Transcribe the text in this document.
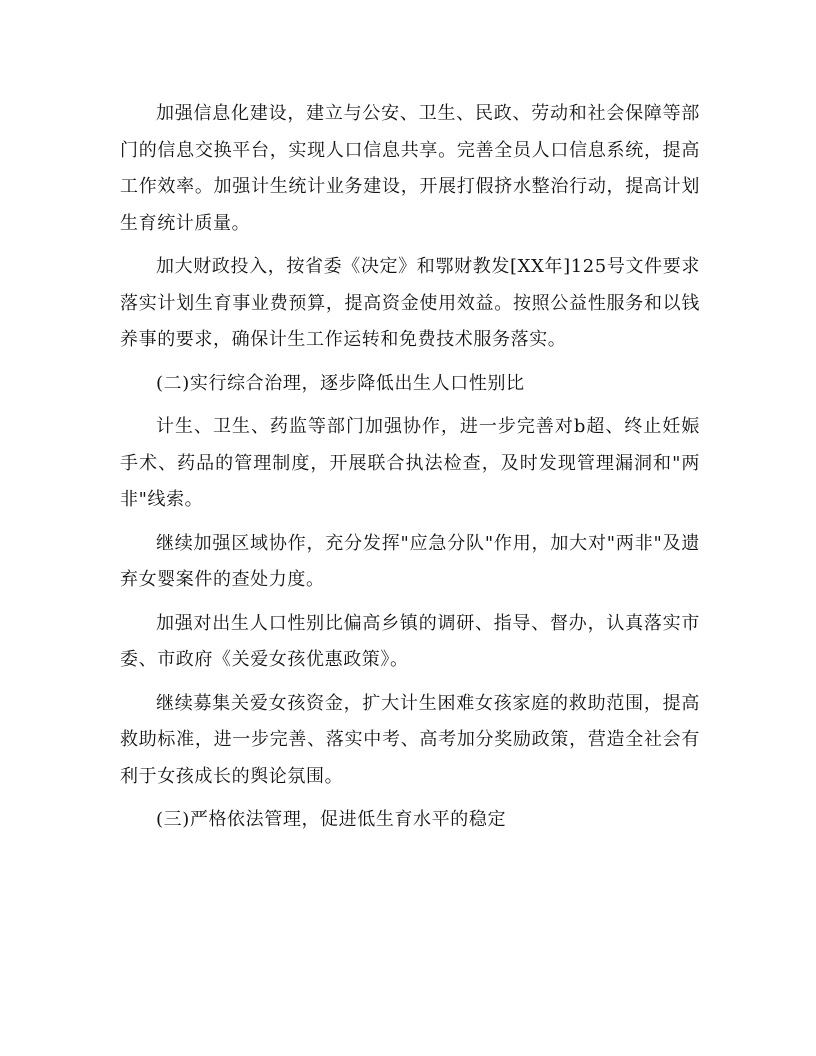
加强信息化建设，建立与公安、卫生、民政、劳动和社会保障等部门的信息交换平台，实现人口信息共享。完善全员人口信息系统，提高工作效率。加强计生统计业务建设，开展打假挤水整治行动，提高计划生育统计质量。

加大财政投入，按省委《决定》和鄂财教发[XX年]125号文件要求落实计划生育事业费预算，提高资金使用效益。按照公益性服务和以钱养事的要求，确保计生工作运转和免费技术服务落实。

(二)实行综合治理，逐步降低出生人口性别比

计生、卫生、药监等部门加强协作，进一步完善对b超、终止妊娠手术、药品的管理制度，开展联合执法检查，及时发现管理漏洞和"两非"线索。

继续加强区域协作，充分发挥"应急分队"作用，加大对"两非"及遗弃女婴案件的查处力度。

加强对出生人口性别比偏高乡镇的调研、指导、督办，认真落实市委、市政府《关爱女孩优惠政策》。

继续募集关爱女孩资金，扩大计生困难女孩家庭的救助范围，提高救助标准，进一步完善、落实中考、高考加分奖励政策，营造全社会有利于女孩成长的舆论氛围。

(三)严格依法管理，促进低生育水平的稳定
